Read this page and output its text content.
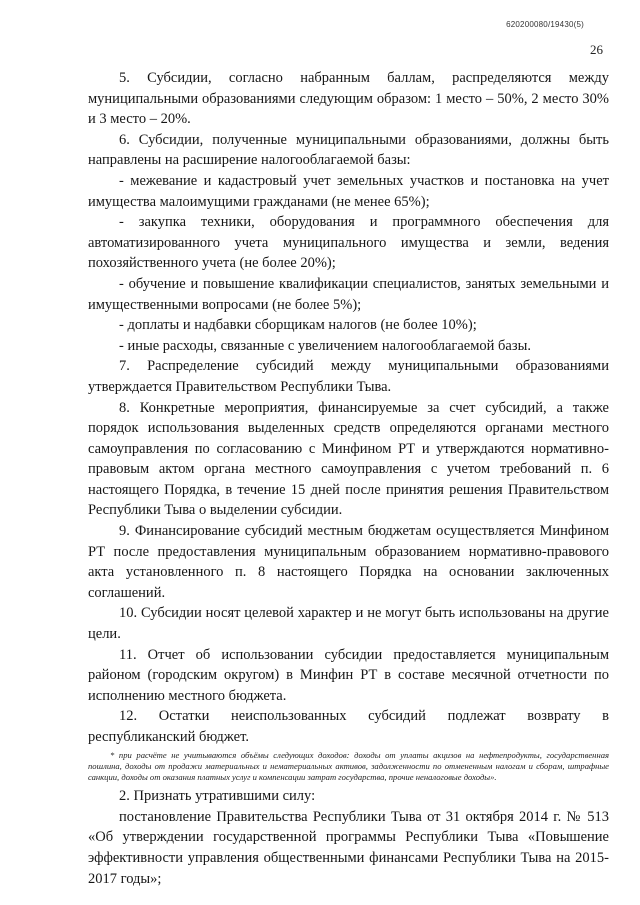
620200080/19430(5)
26

5. Субсидии, согласно набранным баллам, распределяются между муниципальными образованиями следующим образом: 1 место – 50%, 2 место 30% и 3 место – 20%.

6. Субсидии, полученные муниципальными образованиями, должны быть направлены на расширение налогооблагаемой базы:

- межевание и кадастровый учет земельных участков и постановка на учет имущества малоимущими гражданами (не менее 65%);

- закупка техники, оборудования и программного обеспечения для автоматизированного учета муниципального имущества и земли, ведения похозяйственного учета (не более 20%);

- обучение и повышение квалификации специалистов, занятых земельными и имущественными вопросами (не более 5%);

- доплаты и надбавки сборщикам налогов (не более 10%);

- иные расходы, связанные с увеличением налогооблагаемой базы.

7. Распределение субсидий между муниципальными образованиями утверждается Правительством Республики Тыва.

8. Конкретные мероприятия, финансируемые за счет субсидий, а также порядок использования выделенных средств определяются органами местного самоуправления по согласованию с Минфином РТ и утверждаются нормативно-правовым актом органа местного самоуправления с учетом требований п. 6 настоящего Порядка, в течение 15 дней после принятия решения Правительством Республики Тыва о выделении субсидии.

9. Финансирование субсидий местным бюджетам осуществляется Минфином РТ после предоставления муниципальным образованием нормативно-правового акта установленного п. 8 настоящего Порядка на основании заключенных соглашений.

10. Субсидии носят целевой характер и не могут быть использованы на другие цели.

11. Отчет об использовании субсидии предоставляется муниципальным районом (городским округом) в Минфин РТ в составе месячной отчетности по исполнению местного бюджета.

12. Остатки неиспользованных субсидий подлежат возврату в республиканский бюджет.

* при расчёте не учитываются объёмы следующих доходов: доходы от уплаты акцизов на нефтепродукты, государственная пошлина, доходы от продажи материальных и нематериальных активов, задолженности по отмененным налогам и сборам, штрафные санкции, доходы от оказания платных услуг и компенсации затрат государства, прочие неналоговые доходы».

2. Признать утратившими силу:

постановление Правительства Республики Тыва от 31 октября 2014 г. № 513 «Об утверждении государственной программы Республики Тыва «Повышение эффективности управления общественными финансами Республики Тыва на 2015-2017 годы»;
